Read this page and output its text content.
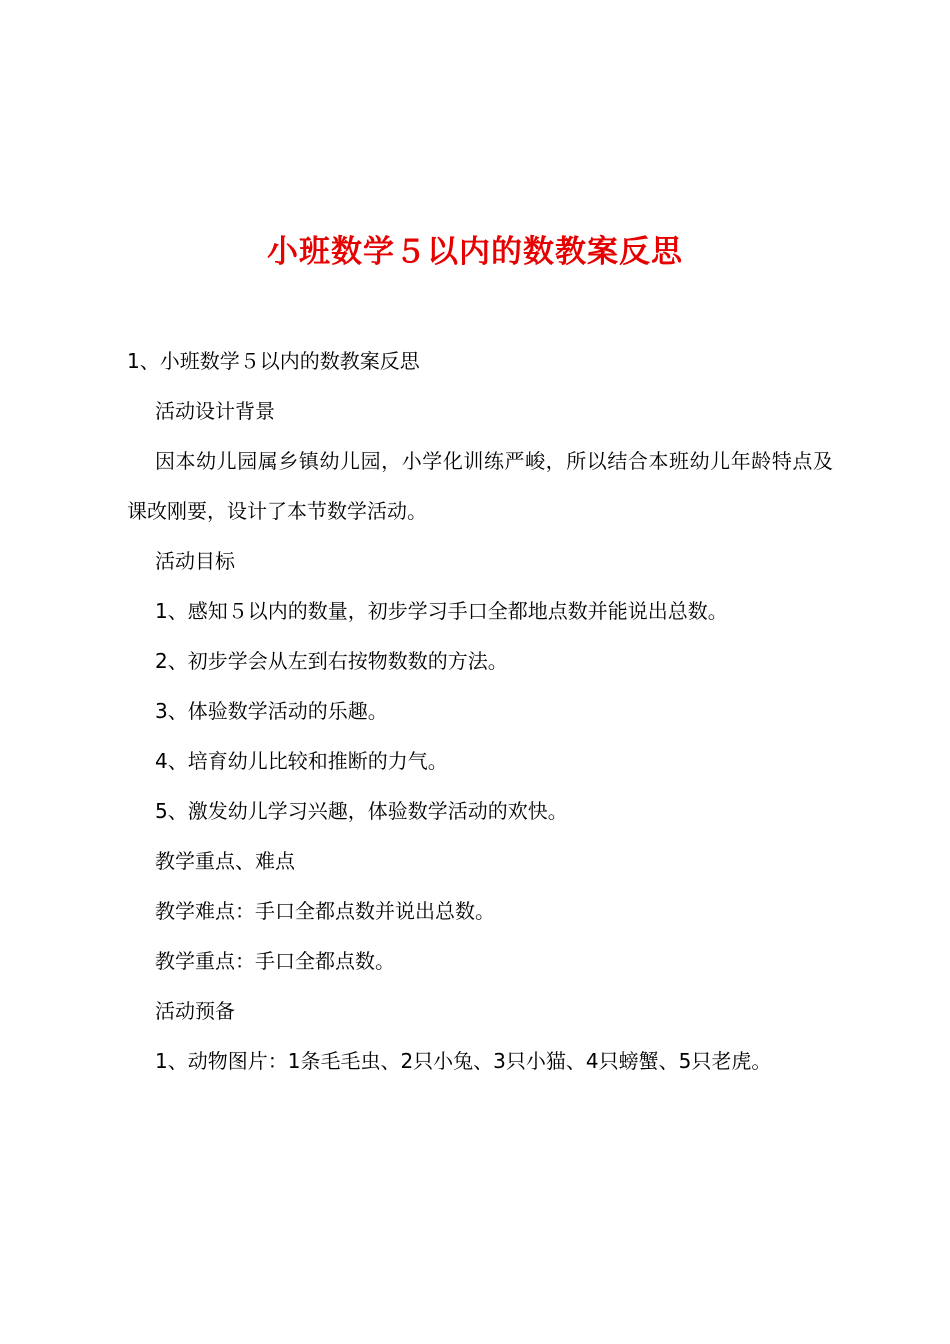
小班数学５以内的数教案反思

1、小班数学５以内的数教案反思

活动设计背景

因本幼儿园属乡镇幼儿园，小学化训练严峻，所以结合本班幼儿年龄特点及课改刚要，设计了本节数学活动。

活动目标

1、感知５以内的数量，初步学习手口全都地点数并能说出总数。

2、初步学会从左到右按物数数的方法。

3、体验数学活动的乐趣。

4、培育幼儿比较和推断的力气。

5、激发幼儿学习兴趣，体验数学活动的欢快。

教学重点、难点

教学难点：手口全都点数并说出总数。

教学重点：手口全都点数。

活动预备

1、动物图片：1条毛毛虫、2只小兔、3只小猫、4只螃蟹、5只老虎。
